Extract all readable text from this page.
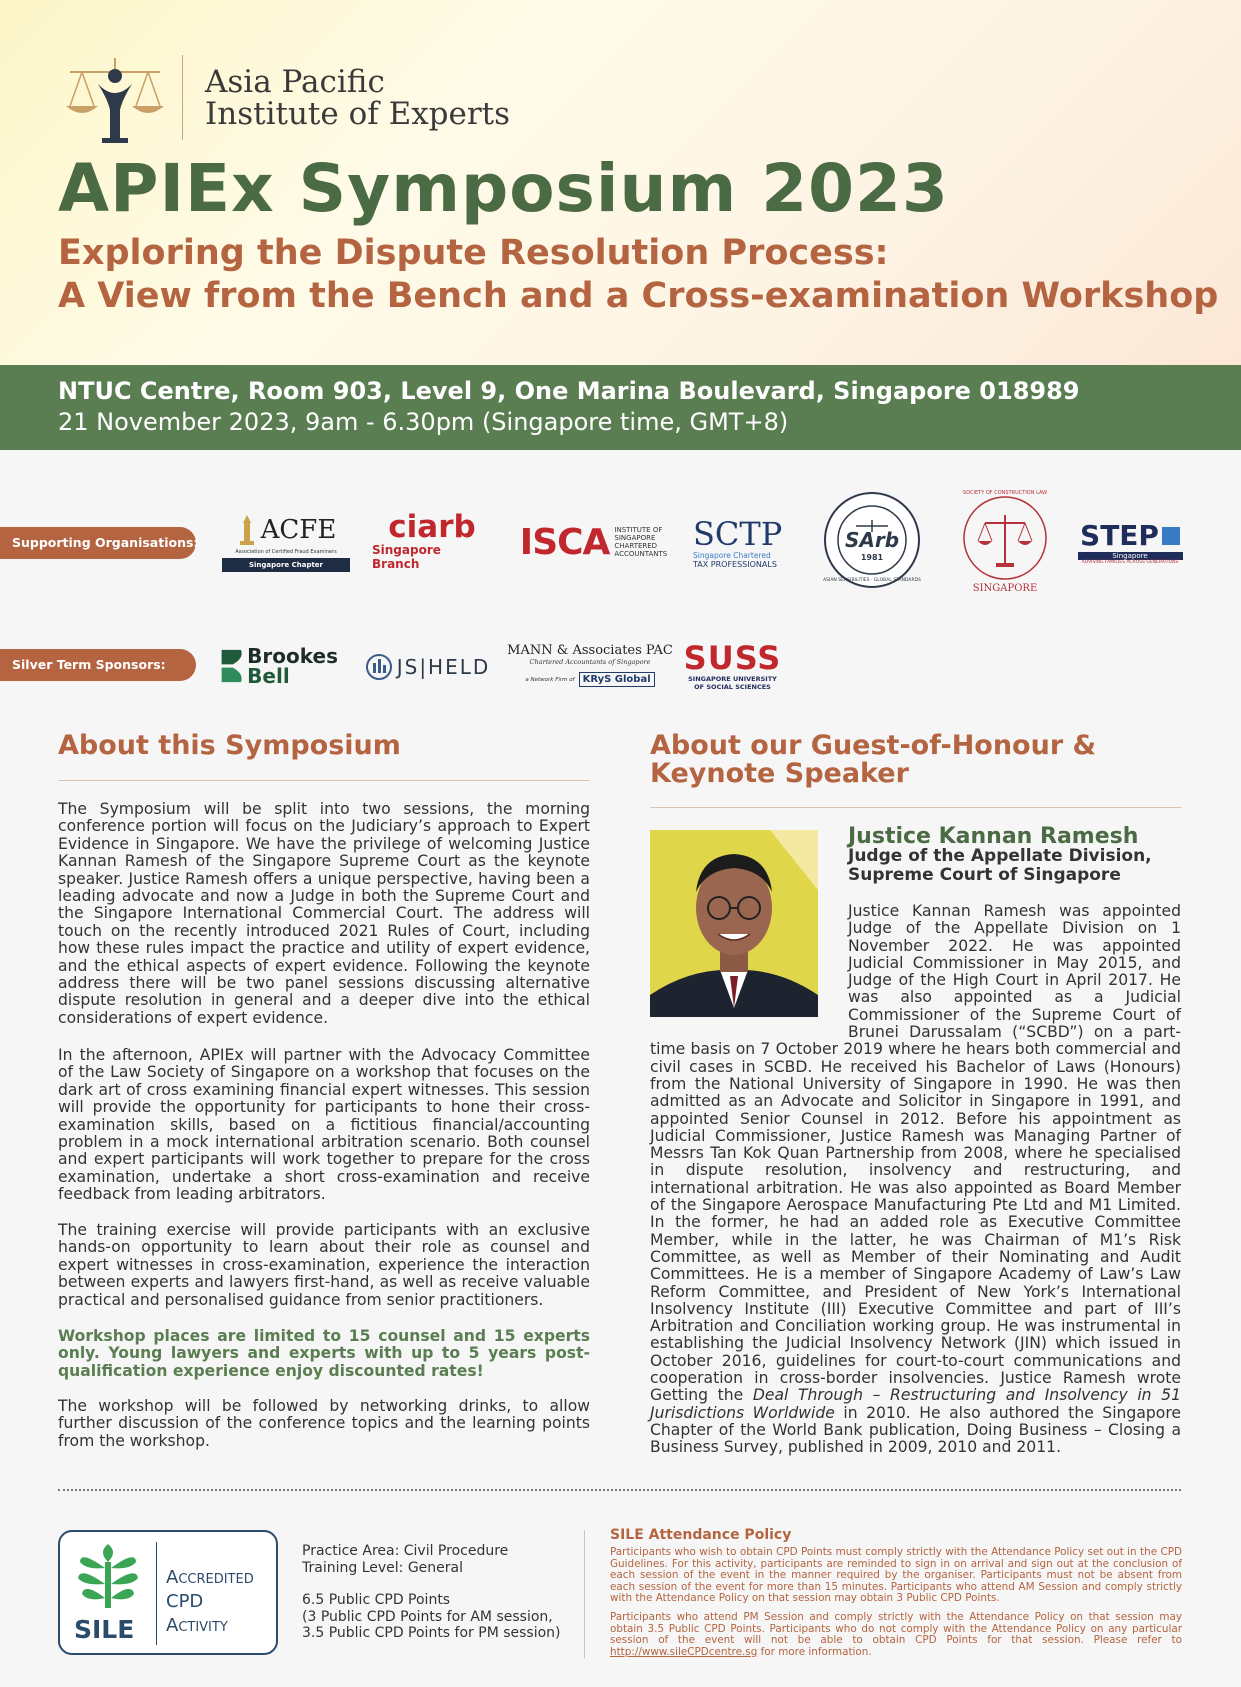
Asia Pacific
Institute of Experts
APIEx Symposium 2023
Exploring the Dispute Resolution Process:
A View from the Bench and a Cross-examination Workshop
NTUC Centre, Room 903, Level 9, One Marina Boulevard, Singapore 018989
21 November 2023, 9am - 6.30pm (Singapore time, GMT+8)
Supporting Organisations: ACFE
Association of Certified Fraud Examiners
Singapore Chapter
ciarb
Singapore Branch
ISCA INSTITUTE OF
SINGAPORE
CHARTERED
ACCOUNTANTS
SCTP
Singapore Chartered
TAX PROFESSIONALS
SArb
1981
ASIAN SENSIBILITIES · GLOBAL STANDARDS
SOCIETY OF CONSTRUCTION LAW
SINGAPORE
STEP
Singapore
ADVISING FAMILIES ACROSS GENERATIONS
Silver Term Sponsors:	Brookes
Bell	JS|HELD
MANN & Associates PAC
Chartered Accountants of Singapore
a Network Firm of KRyS Global
SUSS
SINGAPORE UNIVERSITY
OF SOCIAL SCIENCES
About this Symposium
The Symposium will be split into two sessions, the morning conference portion will focus on the Judiciary’s approach to Expert Evidence in Singapore. We have the privilege of welcoming Justice Kannan Ramesh of the Singapore Supreme Court as the keynote speaker. Justice Ramesh offers a unique perspective, having been a leading advocate and now a Judge in both the Supreme Court and the Singapore International Commercial Court. The address will touch on the recently introduced 2021 Rules of Court, including how these rules impact the practice and utility of expert evidence, and the ethical aspects of expert evidence. Following the keynote address there will be two panel sessions discussing alternative dispute resolution in general and a deeper dive into the ethical considerations of expert evidence.
In the afternoon, APIEx will partner with the Advocacy Committee of the Law Society of Singapore on a workshop that focuses on the dark art of cross examining financial expert witnesses. This session will provide the opportunity for participants to hone their cross-examination skills, based on a fictitious financial/accounting problem in a mock international arbitration scenario. Both counsel and expert participants will work together to prepare for the cross examination, undertake a short cross-examination and receive feedback from leading arbitrators.
The training exercise will provide participants with an exclusive hands-on opportunity to learn about their role as counsel and expert witnesses in cross-examination, experience the interaction between experts and lawyers first-hand, as well as receive valuable practical and personalised guidance from senior practitioners.
Workshop places are limited to 15 counsel and 15 experts only. Young lawyers and experts with up to 5 years post-qualification experience enjoy discounted rates!
The workshop will be followed by networking drinks, to allow further discussion of the conference topics and the learning points from the workshop.
About our Guest-of-Honour &
Keynote Speaker
Justice Kannan Ramesh
Judge of the Appellate Division,
Supreme Court of Singapore
Justice Kannan Ramesh was appointed Judge of the Appellate Division on 1 November 2022. He was appointed Judicial Commissioner in May 2015, and Judge of the High Court in April 2017. He was also appointed as a Judicial Commissioner of the Supreme Court of Brunei Darussalam (“SCBD”) on a part-time basis on 7 October 2019 where he hears both commercial and civil cases in SCBD. He received his Bachelor of Laws (Honours) from the National University of Singapore in 1990. He was then admitted as an Advocate and Solicitor in Singapore in 1991, and appointed Senior Counsel in 2012. Before his appointment as Judicial Commissioner, Justice Ramesh was Managing Partner of Messrs Tan Kok Quan Partnership from 2008, where he specialised in dispute resolution, insolvency and restructuring, and international arbitration. He was also appointed as Board Member of the Singapore Aerospace Manufacturing Pte Ltd and M1 Limited. In the former, he had an added role as Executive Committee Member, while in the latter, he was Chairman of M1’s Risk Committee, as well as Member of their Nominating and Audit Committees. He is a member of Singapore Academy of Law’s Law Reform Committee, and President of New York’s International Insolvency Institute (III) Executive Committee and part of III’s Arbitration and Conciliation working group. He was instrumental in establishing the Judicial Insolvency Network (JIN) which issued in October 2016, guidelines for court-to-court communications and cooperation in cross-border insolvencies. Justice Ramesh wrote Getting the Deal Through – Restructuring and Insolvency in 51 Jurisdictions Worldwide in 2010. He also authored the Singapore Chapter of the World Bank publication, Doing Business – Closing a Business Survey, published in 2009, 2010 and 2011.
SILE
Accredited
CPD
Activity
Practice Area: Civil Procedure
Training Level: General
6.5 Public CPD Points
(3 Public CPD Points for AM session,
3.5 Public CPD Points for PM session)
SILE Attendance Policy
Participants who wish to obtain CPD Points must comply strictly with the Attendance Policy set out in the CPD Guidelines. For this activity, participants are reminded to sign in on arrival and sign out at the conclusion of each session of the event in the manner required by the organiser. Participants must not be absent from each session of the event for more than 15 minutes. Participants who attend AM Session and comply strictly with the Attendance Policy on that session may obtain 3 Public CPD Points.
Participants who attend PM Session and comply strictly with the Attendance Policy on that session may obtain 3.5 Public CPD Points. Participants who do not comply with the Attendance Policy on any particular session of the event will not be able to obtain CPD Points for that session. Please refer to http://www.sileCPDcentre.sg for more information.
